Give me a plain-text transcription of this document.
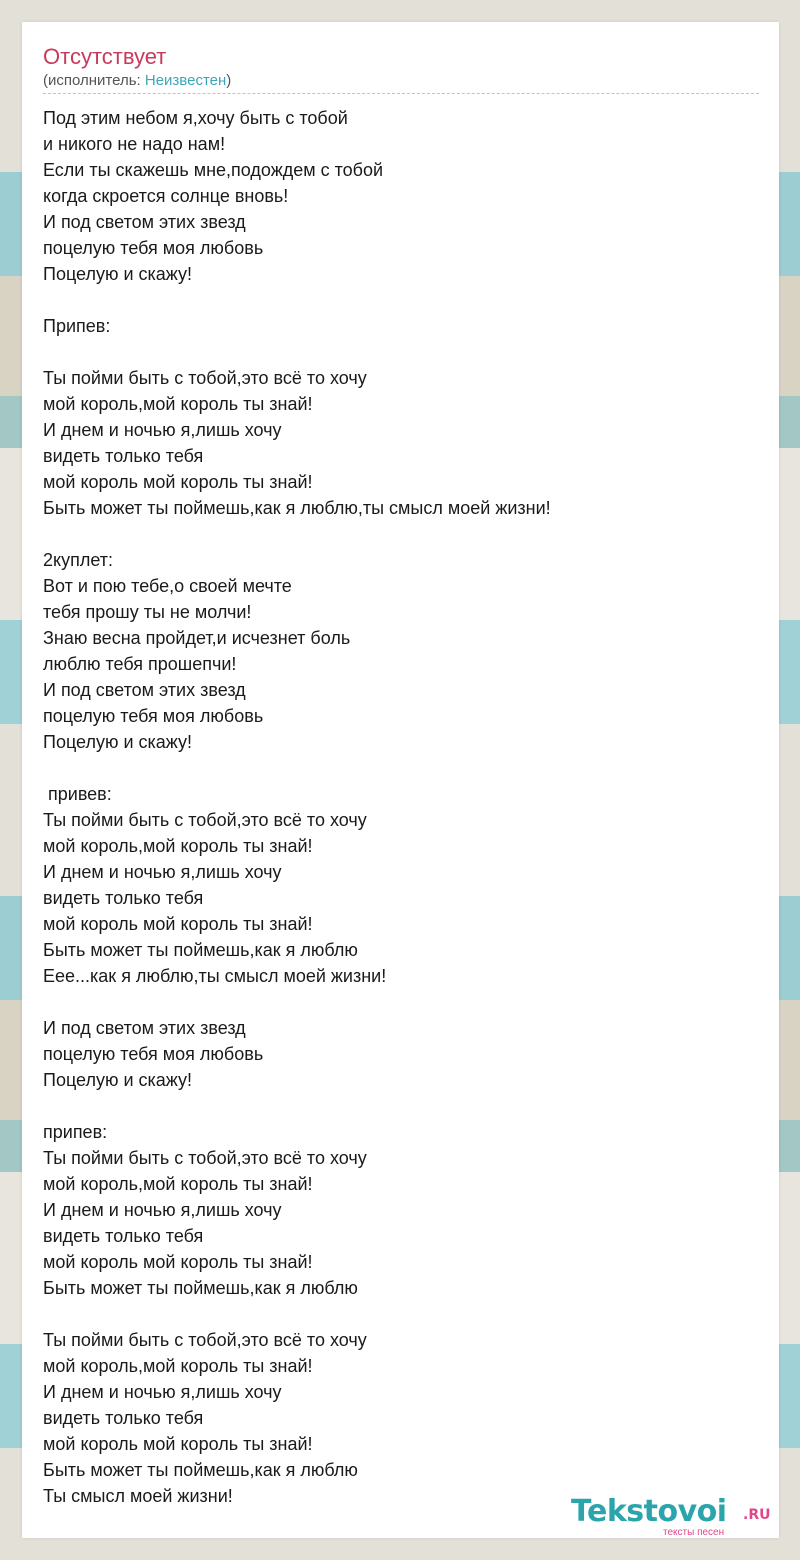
Отсутствует
(исполнитель: Неизвестен)
Под этим небом я,хочу быть с тобой
и никого не надо нам!
Если ты скажешь мне,подождем с тобой
когда скроется солнце вновь!
И под светом этих звезд
поцелую тебя моя любовь
Поцелую и скажу!
Припев:
Ты пойми быть с тобой,это всё то хочу
мой король,мой король ты знай!
И днем и ночью я,лишь хочу
видеть только тебя
мой король мой король ты знай!
Быть может ты поймешь,как я люблю,ты смысл моей жизни!
2куплет:
Вот и пою тебе,о своей мечте
тебя прошу ты не молчи!
Знаю весна пройдет,и исчезнет боль
люблю тебя прошепчи!
И под светом этих звезд
поцелую тебя моя любовь
Поцелую и скажу!
привев:
Ты пойми быть с тобой,это всё то хочу
мой король,мой король ты знай!
И днем и ночью я,лишь хочу
видеть только тебя
мой король мой король ты знай!
Быть может ты поймешь,как я люблю
Еее...как я люблю,ты смысл моей жизни!
И под светом этих звезд
поцелую тебя моя любовь
Поцелую и скажу!
припев:
Ты пойми быть с тобой,это всё то хочу
мой король,мой король ты знай!
И днем и ночью я,лишь хочу
видеть только тебя
мой король мой король ты знай!
Быть может ты поймешь,как я люблю
Ты пойми быть с тобой,это всё то хочу
мой король,мой король ты знай!
И днем и ночью я,лишь хочу
видеть только тебя
мой король мой король ты знай!
Быть может ты поймешь,как я люблю
Ты смысл моей жизни!	Tekstovoi .RU
тексты песен
